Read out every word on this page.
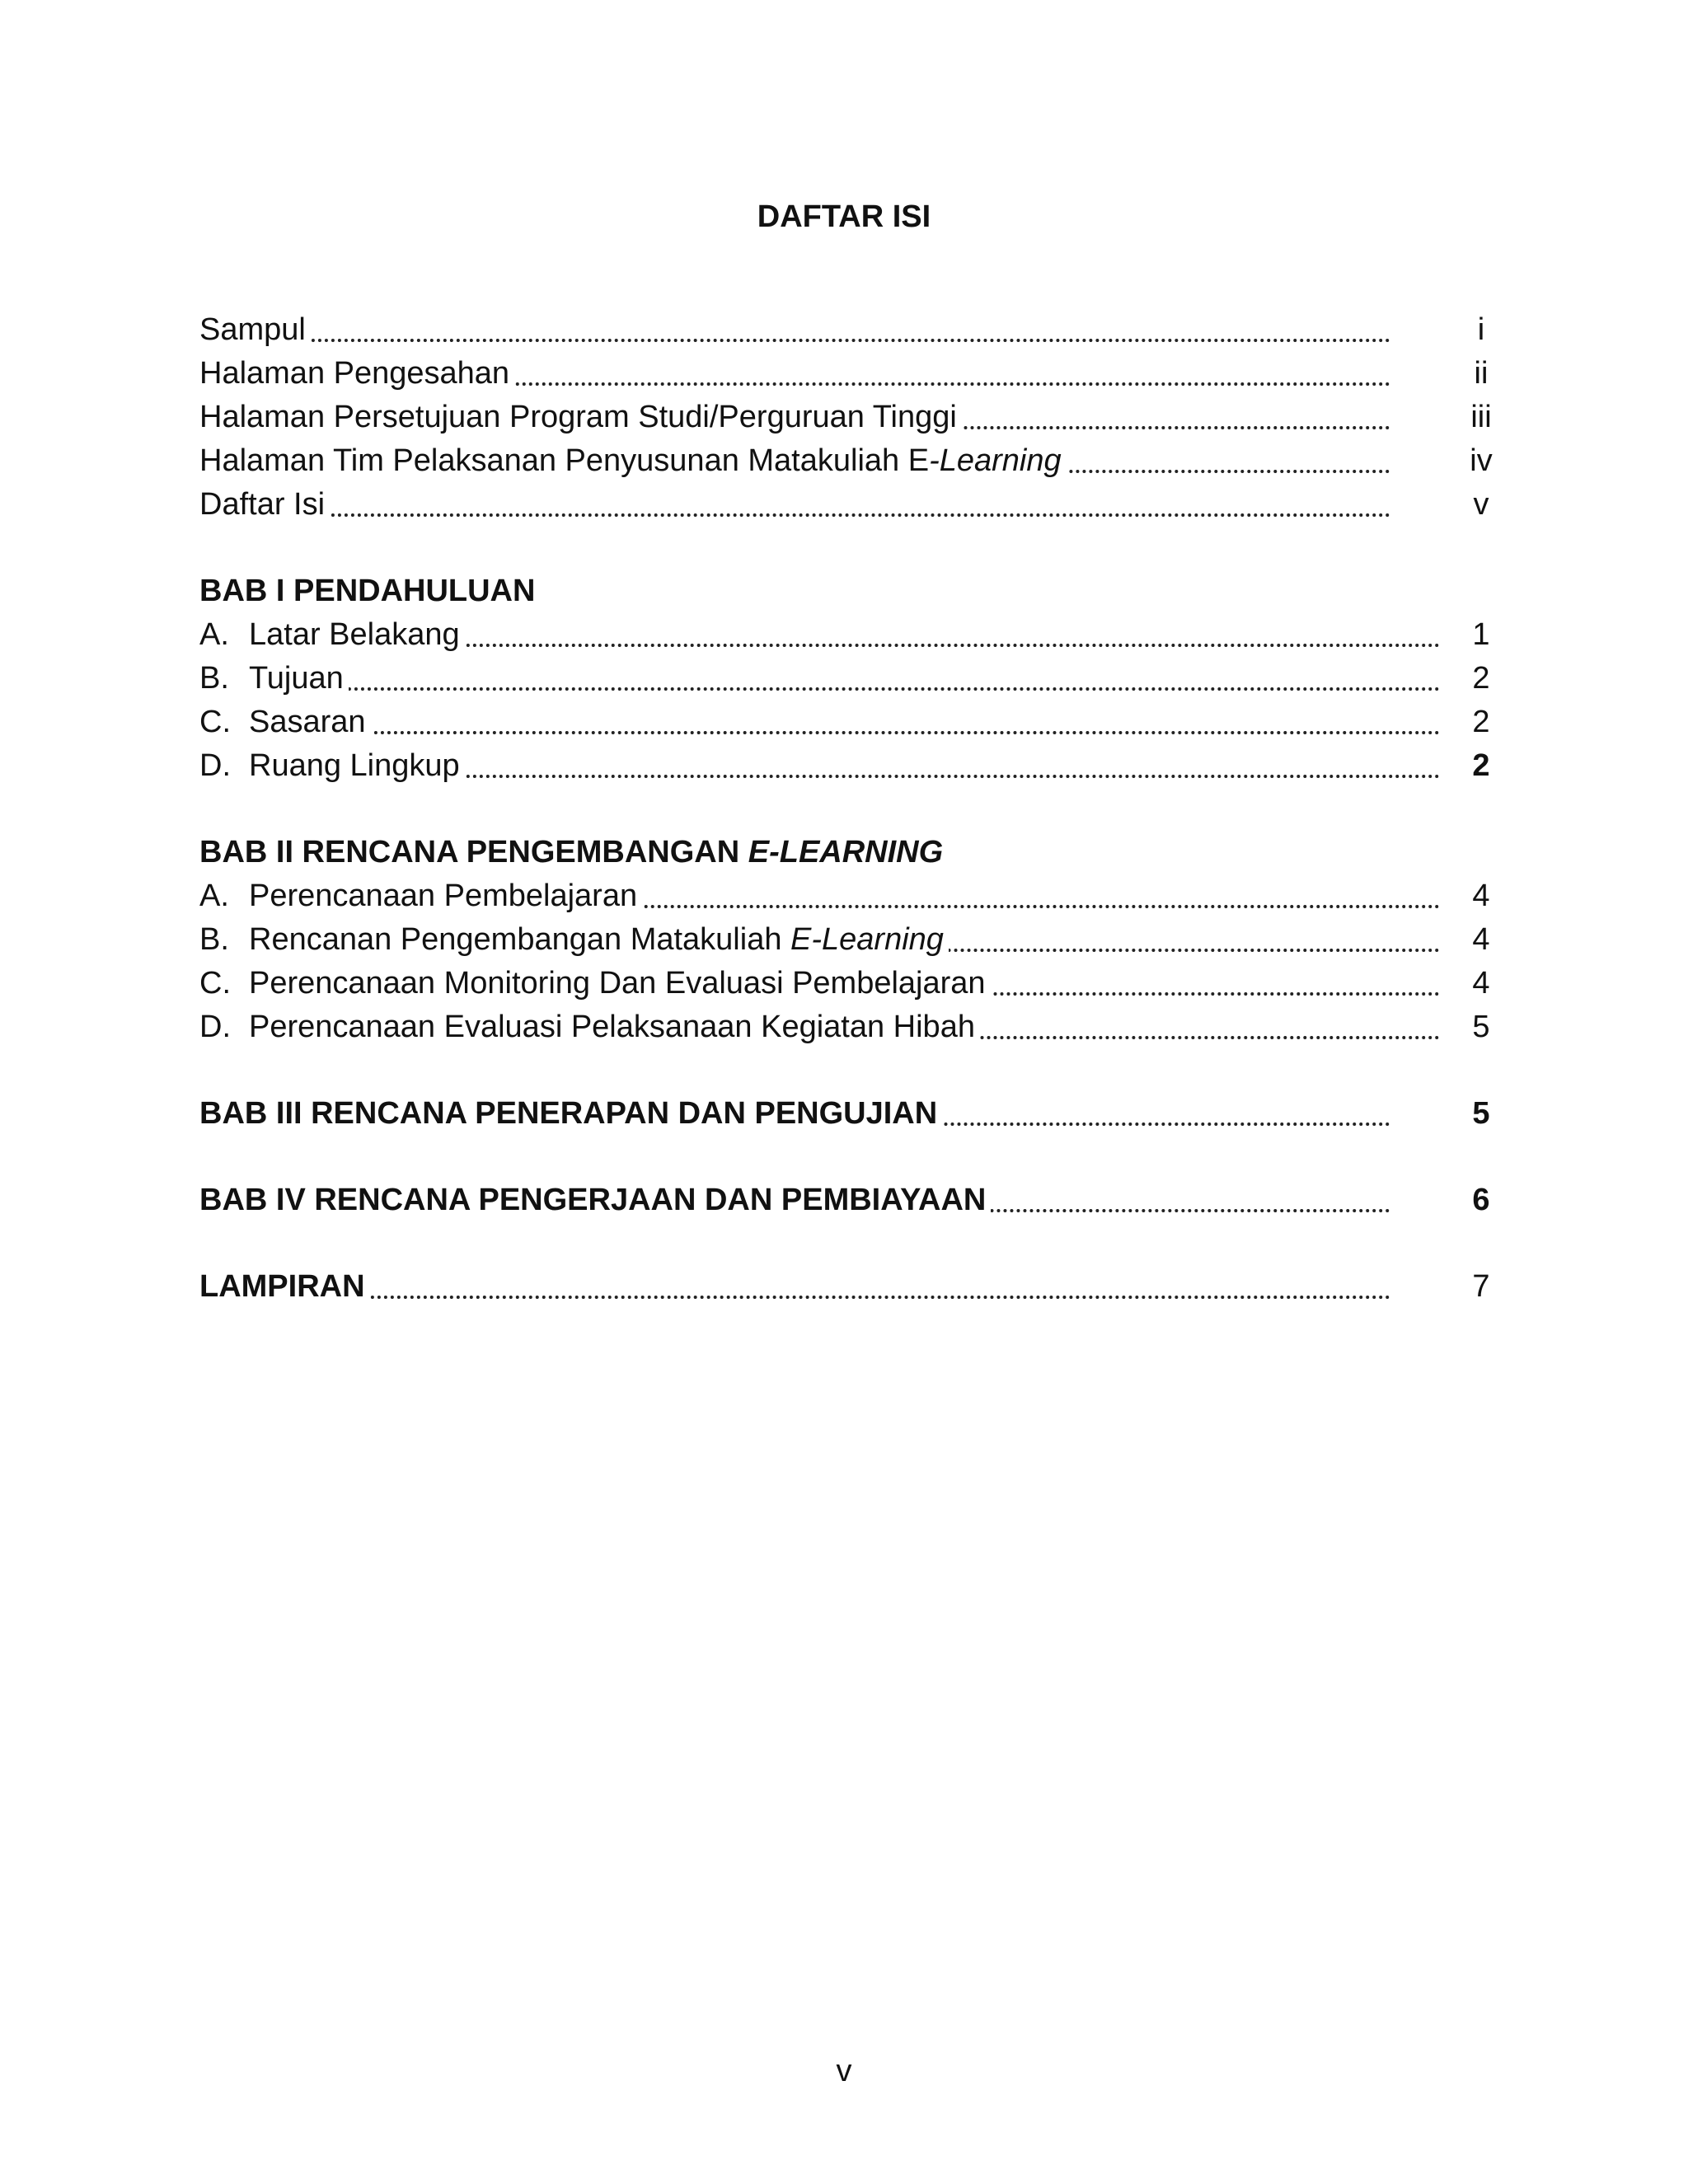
DAFTAR ISI
Sampul	i
Halaman Pengesahan	ii
Halaman Persetujuan Program Studi/Perguruan Tinggi	iii
Halaman Tim Pelaksanan Penyusunan Matakuliah E-Learning	iv
Daftar Isi	v
BAB I PENDAHULUAN
A. Latar Belakang	1
B. Tujuan	2
C. Sasaran	2
D. Ruang Lingkup	2
BAB II RENCANA PENGEMBANGAN E-LEARNING
A. Perencanaan Pembelajaran	4
B. Rencanan Pengembangan Matakuliah E-Learning	4
C. Perencanaan Monitoring Dan Evaluasi Pembelajaran	4
D. Perencanaan Evaluasi Pelaksanaan Kegiatan Hibah	5
BAB III RENCANA PENERAPAN DAN PENGUJIAN	5
BAB IV RENCANA PENGERJAAN DAN PEMBIAYAAN	6
LAMPIRAN	7
v
